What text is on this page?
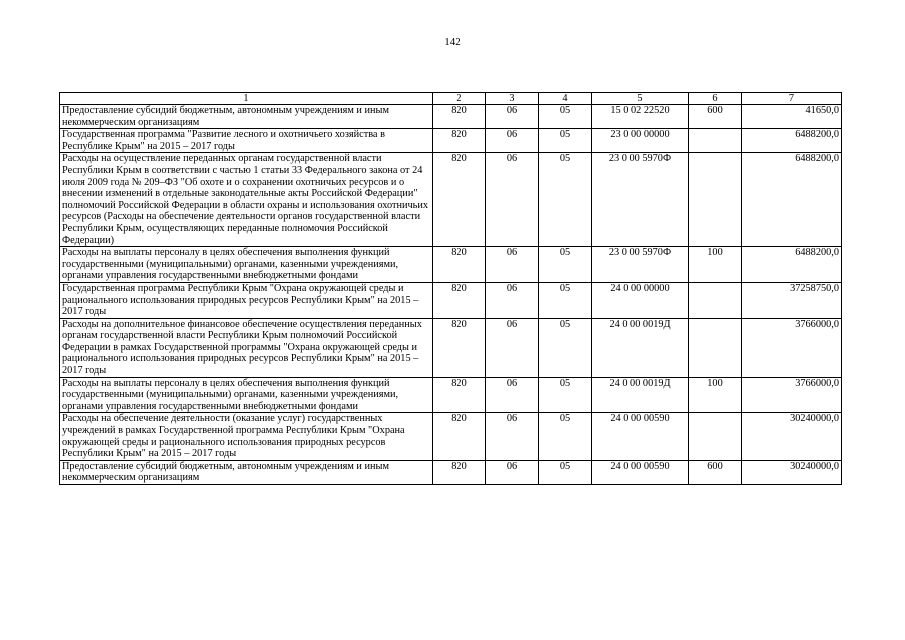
142
1	2	3	4	5	6	7
Предоставление субсидий бюджетным, автономным учреждениям и иным некоммерческим организациям	820	06	05	15 0 02 22520	600	41650,0
Государственная программа "Развитие лесного и охотничьего хозяйства в Республике Крым" на 2015 – 2017 годы	820	06	05	23 0 00 00000		6488200,0
Расходы на осуществление переданных органам государственной власти Республики Крым в соответствии с частью 1 статьи 33 Федерального закона от 24 июля 2009 года № 209–ФЗ "Об охоте и о сохранении охотничьих ресурсов и о внесении изменений в отдельные законодательные акты Российской Федерации" полномочий Российской Федерации в области охраны и использования охотничьих ресурсов (Расходы на обеспечение деятельности органов государственной власти Республики Крым, осуществляющих переданные полномочия Российской Федерации)	820	06	05	23 0 00 5970Ф		6488200,0
Расходы на выплаты персоналу в целях обеспечения выполнения функций государственными (муниципальными) органами, казенными учреждениями, органами управления государственными внебюджетными фондами	820	06	05	23 0 00 5970Ф	100	6488200,0
Государственная программа Республики Крым "Охрана окружающей среды и рационального использования природных ресурсов Республики Крым" на 2015 – 2017 годы	820	06	05	24 0 00 00000		37258750,0
Расходы на дополнительное финансовое обеспечение осуществления переданных органам государственной власти Республики Крым полномочий Российской Федерации в рамках Государственной программы "Охрана окружающей среды и рационального использования природных ресурсов Республики Крым" на 2015 – 2017 годы	820	06	05	24 0 00 0019Д		3766000,0
Расходы на выплаты персоналу в целях обеспечения выполнения функций государственными (муниципальными) органами, казенными учреждениями, органами управления государственными внебюджетными фондами	820	06	05	24 0 00 0019Д	100	3766000,0
Расходы на обеспечение деятельности (оказание услуг) государственных учреждений в рамках Государственной программа Республики Крым "Охрана окружающей среды и рационального использования природных ресурсов Республики Крым" на 2015 – 2017 годы	820	06	05	24 0 00 00590		30240000,0
Предоставление субсидий бюджетным, автономным учреждениям и иным некоммерческим организациям	820	06	05	24 0 00 00590	600	30240000,0
